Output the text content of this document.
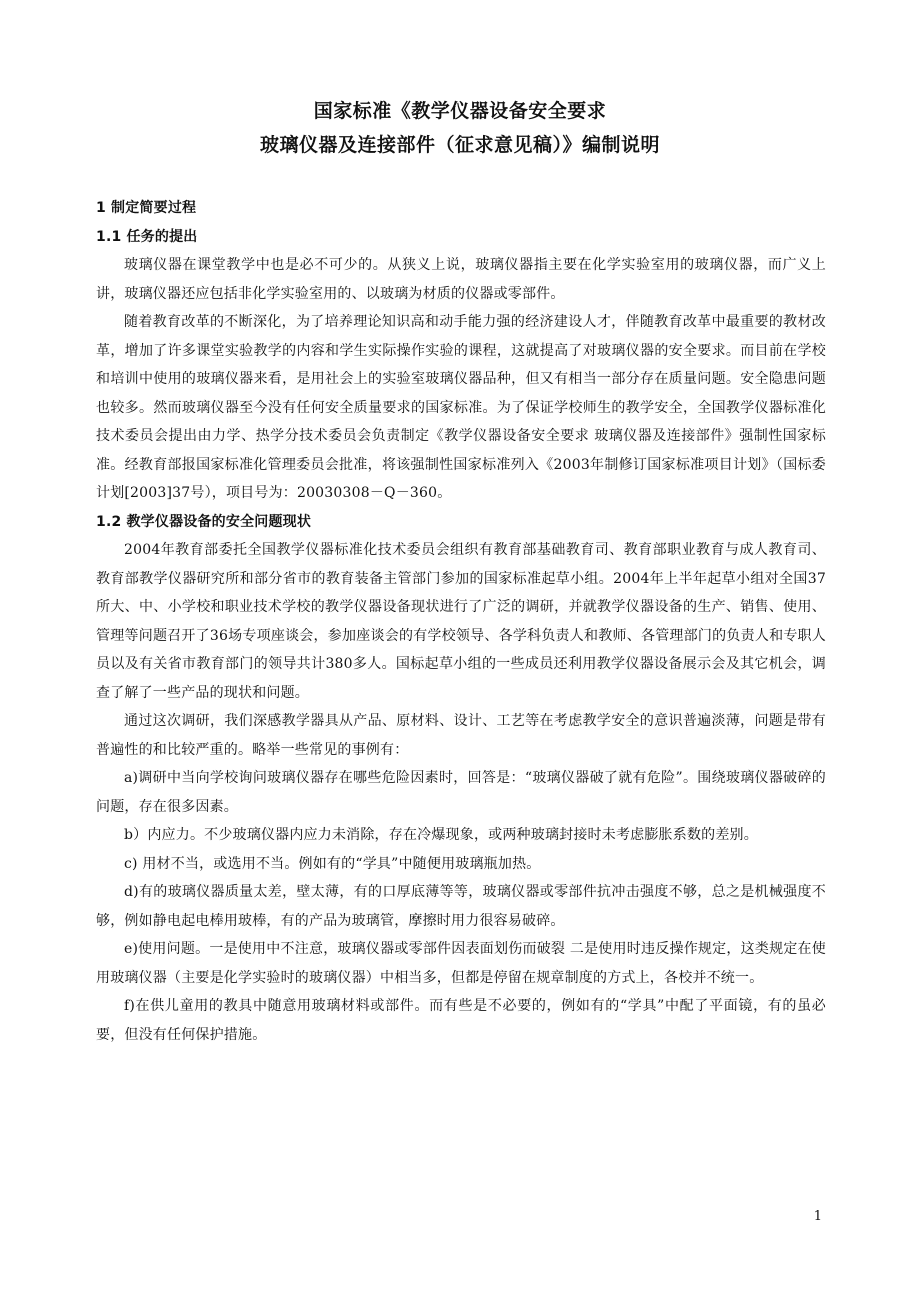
国家标准《教学仪器设备安全要求
玻璃仪器及连接部件（征求意见稿）》编制说明

1 制定简要过程

1.1 任务的提出

玻璃仪器在课堂教学中也是必不可少的。从狭义上说，玻璃仪器指主要在化学实验室用的玻璃仪器，而广义上讲，玻璃仪器还应包括非化学实验室用的、以玻璃为材质的仪器或零部件。

随着教育改革的不断深化，为了培养理论知识高和动手能力强的经济建设人才，伴随教育改革中最重要的教材改革，增加了许多课堂实验教学的内容和学生实际操作实验的课程，这就提高了对玻璃仪器的安全要求。而目前在学校和培训中使用的玻璃仪器来看，是用社会上的实验室玻璃仪器品种，但又有相当一部分存在质量问题。安全隐患问题也较多。然而玻璃仪器至今没有任何安全质量要求的国家标准。为了保证学校师生的教学安全，全国教学仪器标准化技术委员会提出由力学、热学分技术委员会负责制定《教学仪器设备安全要求 玻璃仪器及连接部件》强制性国家标准。经教育部报国家标准化管理委员会批准，将该强制性国家标准列入《2003年制修订国家标准项目计划》（国标委计划[2003]37号），项目号为：20030308－Q－360。

1.2 教学仪器设备的安全问题现状

2004年教育部委托全国教学仪器标准化技术委员会组织有教育部基础教育司、教育部职业教育与成人教育司、教育部教学仪器研究所和部分省市的教育装备主管部门参加的国家标准起草小组。2004年上半年起草小组对全国37所大、中、小学校和职业技术学校的教学仪器设备现状进行了广泛的调研，并就教学仪器设备的生产、销售、使用、管理等问题召开了36场专项座谈会，参加座谈会的有学校领导、各学科负责人和教师、各管理部门的负责人和专职人员以及有关省市教育部门的领导共计380多人。国标起草小组的一些成员还利用教学仪器设备展示会及其它机会，调查了解了一些产品的现状和问题。

通过这次调研，我们深感教学器具从产品、原材料、设计、工艺等在考虑教学安全的意识普遍淡薄，问题是带有普遍性的和比较严重的。略举一些常见的事例有：

a)调研中当向学校询问玻璃仪器存在哪些危险因素时，回答是：“玻璃仪器破了就有危险”。围绕玻璃仪器破碎的问题，存在很多因素。

b）内应力。不少玻璃仪器内应力未消除，存在冷爆现象，或两种玻璃封接时未考虑膨胀系数的差别。

c) 用材不当，或选用不当。例如有的“学具”中随便用玻璃瓶加热。

d)有的玻璃仪器质量太差，壁太薄，有的口厚底薄等等，玻璃仪器或零部件抗冲击强度不够，总之是机械强度不够，例如静电起电棒用玻棒，有的产品为玻璃管，摩擦时用力很容易破碎。

e)使用问题。一是使用中不注意，玻璃仪器或零部件因表面划伤而破裂 二是使用时违反操作规定，这类规定在使用玻璃仪器（主要是化学实验时的玻璃仪器）中相当多，但都是停留在规章制度的方式上，各校并不统一。

f)在供儿童用的教具中随意用玻璃材料或部件。而有些是不必要的，例如有的“学具”中配了平面镜，有的虽必要，但没有任何保护措施。

1
